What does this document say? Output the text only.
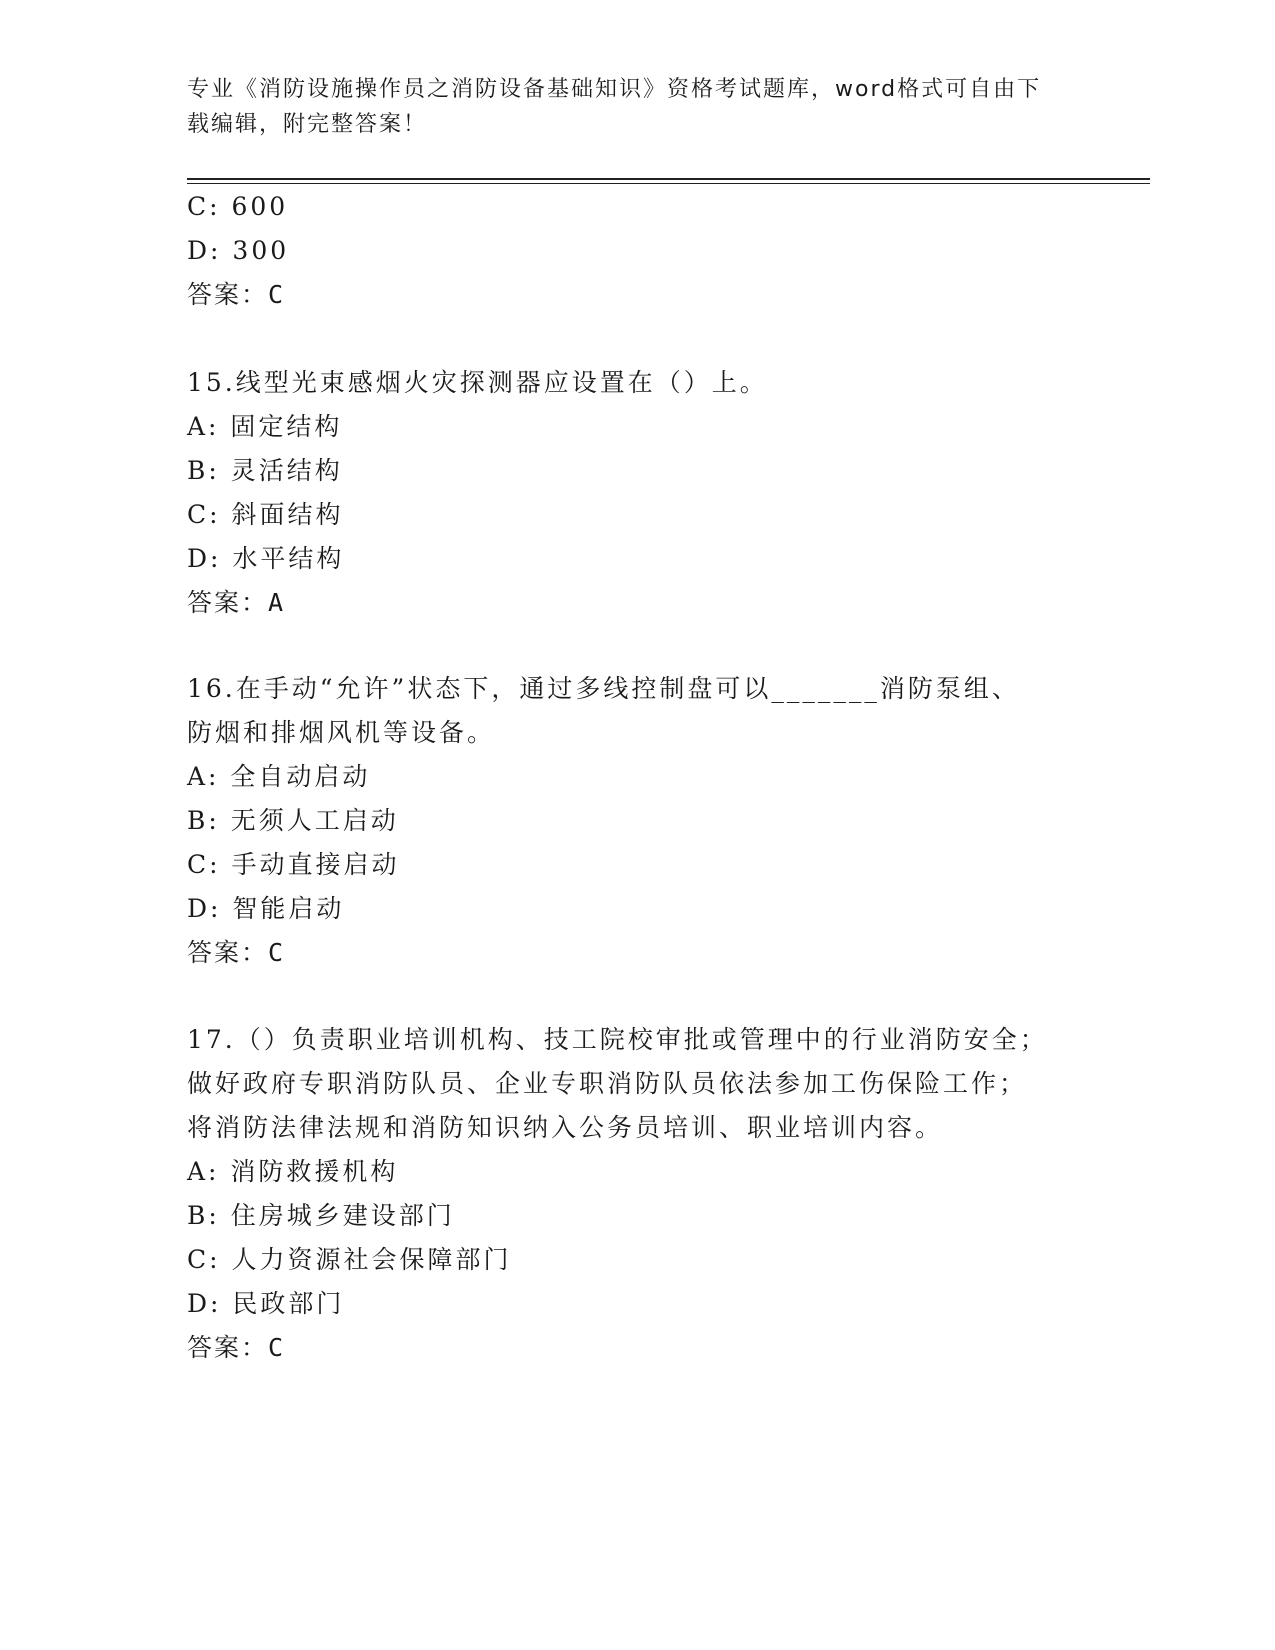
专业《消防设施操作员之消防设备基础知识》资格考试题库，word格式可自由下
载编辑，附完整答案！
C: 600
D: 300
答案：C
15.线型光束感烟火灾探测器应设置在（）上。
A: 固定结构
B: 灵活结构
C: 斜面结构
D: 水平结构
答案：A
16.在手动“允许”状态下，通过多线控制盘可以_______消防泵组、
防烟和排烟风机等设备。
A: 全自动启动
B: 无须人工启动
C: 手动直接启动
D: 智能启动
答案：C
17.（）负责职业培训机构、技工院校审批或管理中的行业消防安全；
做好政府专职消防队员、企业专职消防队员依法参加工伤保险工作；
将消防法律法规和消防知识纳入公务员培训、职业培训内容。
A: 消防救援机构
B: 住房城乡建设部门
C: 人力资源社会保障部门
D: 民政部门
答案：C
